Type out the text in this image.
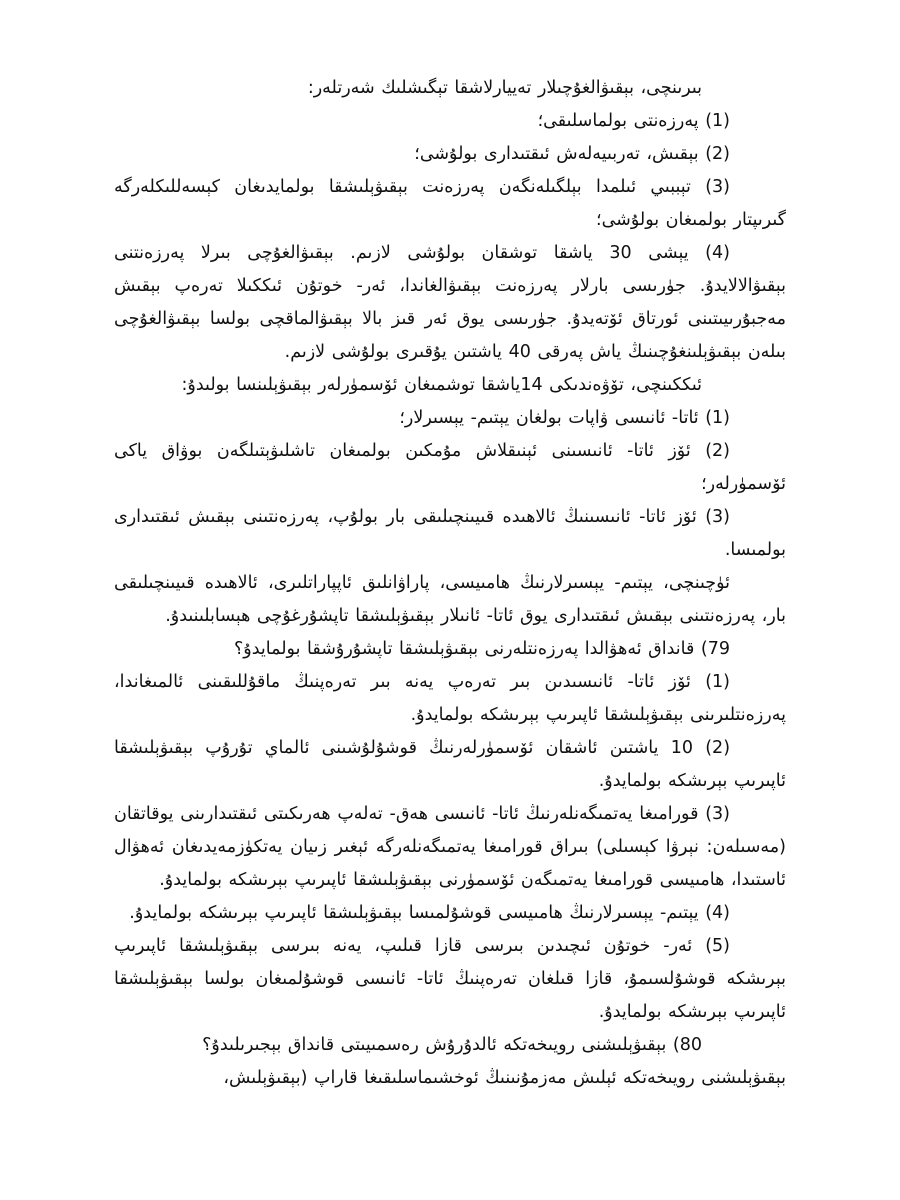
بىرىنچى، بېقىۋالغۇچىلار تەييارلاشقا تېگىشلىك شەرتلەر:

(1) پەرزەنتى بولماسلىقى؛

(2) بېقىش، تەربىيەلەش ئىقتىدارى بولۇشى؛

(3) تېببىي ئىلمدا بېلگىلەنگەن پەرزەنت بېقىۋېلىشقا بولمايدىغان كېسەللىكلەرگە گىرىپتار بولمىغان بولۇشى؛

(4) يېشى 30 ياشقا توشقان بولۇشى لازىم. بېقىۋالغۇچى بىرلا پەرزەنتنى بېقىۋالالايدۇ. جۈرىسى بارلار پەرزەنت بېقىۋالغاندا، ئەر- خوتۇن ئىككىلا تەرەپ بېقىش مەجبۇرىيىتىنى ئورتاق ئۆتەيدۇ. جۈرىسى يوق ئەر قىز بالا بېقىۋالماقچى بولسا بېقىۋالغۇچى بىلەن بېقىۋېلىنغۇچىنىڭ ياش پەرقى 40 ياشتىن يۇقىرى بولۇشى لازىم.

ئىككىنچى، تۆۋەندىكى 14ياشقا توشمىغان ئۆسمۈرلەر بېقىۋېلىنسا بولىدۇ:

(1) ئاتا- ئانىسى ۋاپات بولغان يېتىم- يېسىرلار؛

(2) ئۆز ئاتا- ئانىسىنى ئېنىقلاش مۇمكىن بولمىغان تاشلىۋېتىلگەن بوۋاق ياكى ئۆسمۈرلەر؛

(3) ئۆز ئاتا- ئانىسىنىڭ ئالاھىدە قىيىنچىلىقى بار بولۇپ، پەرزەنتىنى بېقىش ئىقتىدارى بولمىسا.

ئۈچىنچى، يېتىم- يېسىرلارنىڭ ھامىيسى، پاراۋانلىق ئاپپاراتلىرى، ئالاھىدە قىيىنچىلىقى بار، پەرزەنتىنى بېقىش ئىقتىدارى يوق ئاتا- ئانىلار بېقىۋېلىشقا تاپشۇرغۇچى ھېسابلىنىدۇ.

79) قانداق ئەھۋالدا پەرزەنتلەرنى بېقىۋېلىشقا تاپشۇرۇشقا بولمايدۇ؟

(1) ئۆز ئاتا- ئانىسىدىن بىر تەرەپ يەنە بىر تەرەپنىڭ ماقۇللىقىنى ئالمىغاندا، پەرزەنتلىرىنى بېقىۋېلىشقا ئاپىرىپ بېرىشكە بولمايدۇ.

(2) 10 ياشتىن ئاشقان ئۆسمۈرلەرنىڭ قوشۇلۇشىنى ئالماي تۇرۇپ بېقىۋېلىشقا ئاپىرىپ بېرىشكە بولمايدۇ.

(3) قورامىغا يەتمىگەنلەرنىڭ ئاتا- ئانىسى ھەق- تەلەپ ھەرىكىتى ئىقتىدارىنى يوقاتقان (مەسىلەن: نېرۋا كېسىلى) بىراق قورامىغا يەتمىگەنلەرگە ئېغىر زىيان يەتكۈزمەيدىغان ئەھۋال ئاستىدا، ھامىيسى قورامىغا يەتمىگەن ئۆسمۈرنى بېقىۋېلىشقا ئاپىرىپ بېرىشكە بولمايدۇ.

(4) يېتىم- يېسىرلارنىڭ ھامىيسى قوشۇلمىسا بېقىۋېلىشقا ئاپىرىپ بېرىشكە بولمايدۇ.

(5) ئەر- خوتۇن ئىچىدىن بىرسى قازا قىلىپ، يەنە بىرسى بېقىۋېلىشقا ئاپىرىپ بېرىشكە قوشۇلسىمۇ، قازا قىلغان تەرەپنىڭ ئاتا- ئانىسى قوشۇلمىغان بولسا بېقىۋېلىشقا ئاپىرىپ بېرىشكە بولمايدۇ.

80) بېقىۋېلىشنى رويىخەتكە ئالدۇرۇش رەسمىيىتى قانداق بېجىرىلىدۇ؟

بېقىۋېلىشنى رويىخەتكە ئېلىش مەزمۇنىنىڭ ئوخشىماسلىقىغا قاراپ (بېقىۋېلىش،
